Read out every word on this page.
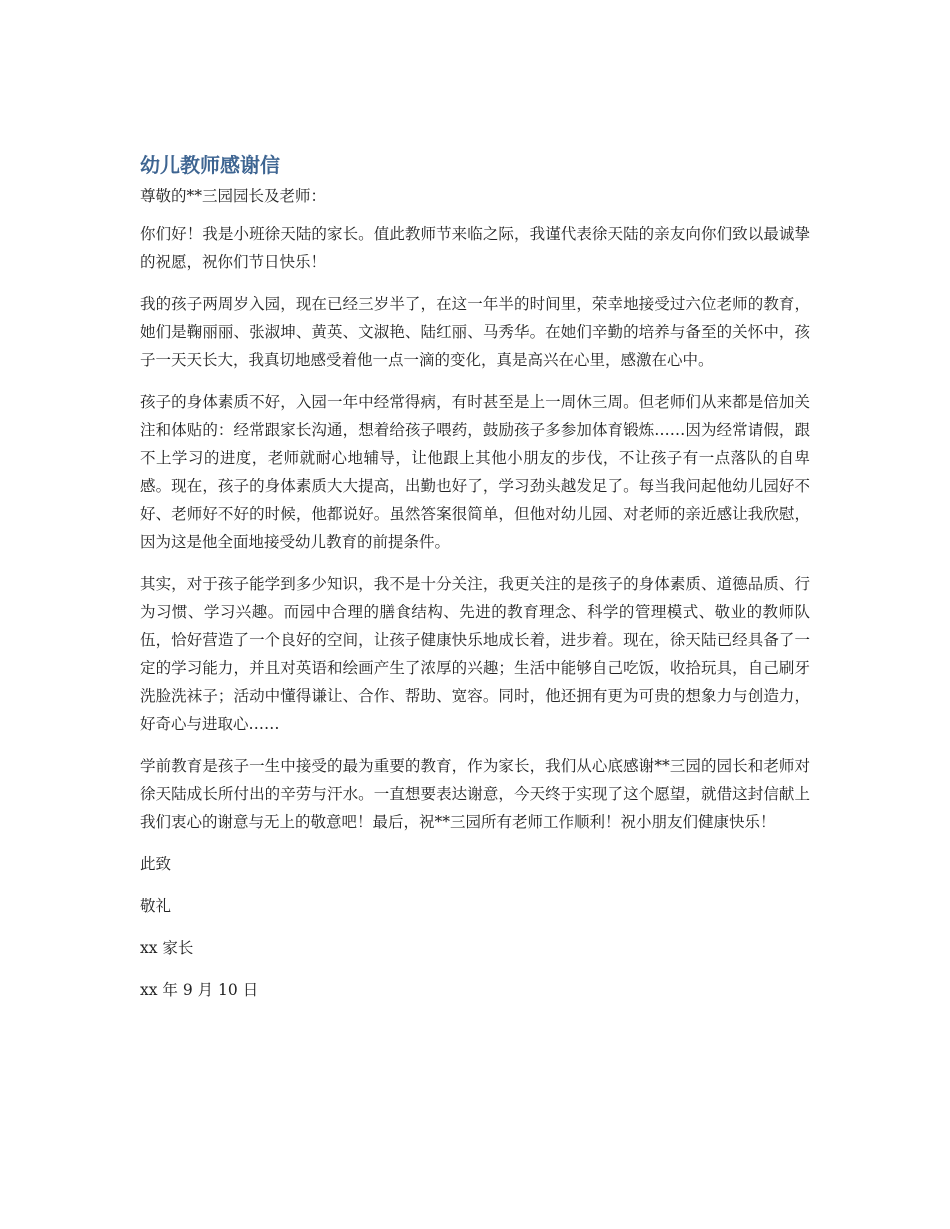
幼儿教师感谢信

尊敬的**三园园长及老师：

你们好！我是小班徐天陆的家长。值此教师节来临之际，我谨代表徐天陆的亲友向你们致以最诚挚的祝愿，祝你们节日快乐！

我的孩子两周岁入园，现在已经三岁半了，在这一年半的时间里，荣幸地接受过六位老师的教育，她们是鞠丽丽、张淑坤、黄英、文淑艳、陆红丽、马秀华。在她们辛勤的培养与备至的关怀中，孩子一天天长大，我真切地感受着他一点一滴的变化，真是高兴在心里，感激在心中。

孩子的身体素质不好，入园一年中经常得病，有时甚至是上一周休三周。但老师们从来都是倍加关注和体贴的：经常跟家长沟通，想着给孩子喂药，鼓励孩子多参加体育锻炼……因为经常请假，跟不上学习的进度，老师就耐心地辅导，让他跟上其他小朋友的步伐，不让孩子有一点落队的自卑感。现在，孩子的身体素质大大提高，出勤也好了，学习劲头越发足了。每当我问起他幼儿园好不好、老师好不好的时候，他都说好。虽然答案很简单，但他对幼儿园、对老师的亲近感让我欣慰，因为这是他全面地接受幼儿教育的前提条件。

其实，对于孩子能学到多少知识，我不是十分关注，我更关注的是孩子的身体素质、道德品质、行为习惯、学习兴趣。而园中合理的膳食结构、先进的教育理念、科学的管理模式、敬业的教师队伍，恰好营造了一个良好的空间，让孩子健康快乐地成长着，进步着。现在，徐天陆已经具备了一定的学习能力，并且对英语和绘画产生了浓厚的兴趣；生活中能够自己吃饭，收拾玩具，自己刷牙洗脸洗袜子；活动中懂得谦让、合作、帮助、宽容。同时，他还拥有更为可贵的想象力与创造力，好奇心与进取心……

学前教育是孩子一生中接受的最为重要的教育，作为家长，我们从心底感谢**三园的园长和老师对徐天陆成长所付出的辛劳与汗水。一直想要表达谢意，今天终于实现了这个愿望，就借这封信献上我们衷心的谢意与无上的敬意吧！最后，祝**三园所有老师工作顺利！祝小朋友们健康快乐！

此致

敬礼

xx 家长

xx 年 9 月 10 日
